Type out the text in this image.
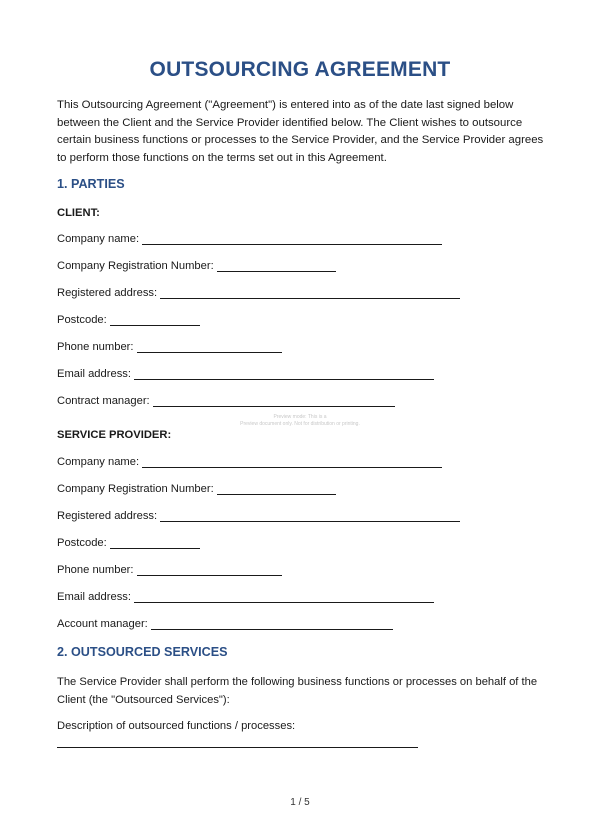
OUTSOURCING AGREEMENT

This Outsourcing Agreement ("Agreement") is entered into as of the date last signed below between the Client and the Service Provider identified below. The Client wishes to outsource certain business functions or processes to the Service Provider, and the Service Provider agrees to perform those functions on the terms set out in this Agreement.

1. PARTIES

CLIENT:

Company name:
Company Registration Number:
Registered address:
Postcode:
Phone number:
Email address:
Contract manager:

SERVICE PROVIDER:

Company name:
Company Registration Number:
Registered address:
Postcode:
Phone number:
Email address:
Account manager:

2. OUTSOURCED SERVICES

The Service Provider shall perform the following business functions or processes on behalf of the Client (the "Outsourced Services"):

Description of outsourced functions / processes:

1 / 5
Preview mode: This is a
Preview document only. Not for distribution or printing.
